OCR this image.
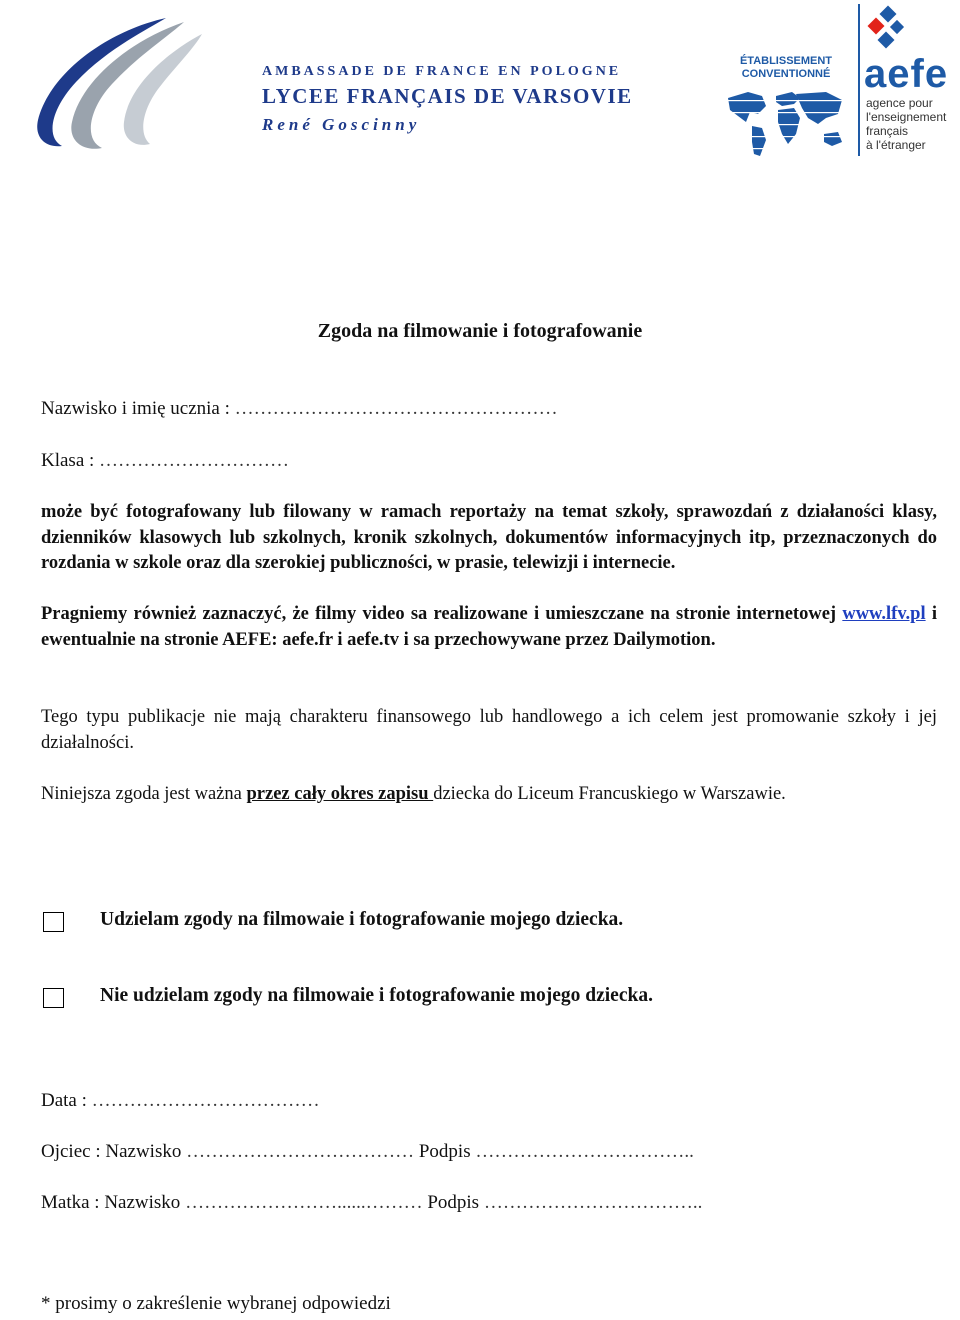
AMBASSADE DE FRANCE EN POLOGNE
LYCEE FRANÇAIS DE VARSOVIE
René Goscinny
ÉTABLISSEMENT CONVENTIONNÉ aefe
agence pour
l'enseignement
français
à l'étranger
Zgoda na filmowanie i fotografowanie
Nazwisko i imię ucznia : ……………………………………………
Klasa : …………………………
może być fotografowany lub filowany w ramach reportaży na temat szkoły, sprawozdań z działaności klasy, dzienników klasowych lub szkolnych, kronik szkolnych, dokumentów informacyjnych itp, przeznaczonych do rozdania w szkole oraz dla szerokiej publiczności, w prasie, telewizji i internecie.
Pragniemy również zaznaczyć, że filmy video sa realizowane i umieszczane na stronie internetowej www.lfv.pl i ewentualnie na stronie AEFE: aefe.fr i aefe.tv i sa przechowywane przez Dailymotion.
Tego typu publikacje nie mają charakteru finansowego lub handlowego a ich celem jest promowanie szkoły i jej działalności.
Niniejsza zgoda jest ważna przez cały okres zapisu dziecka do Liceum Francuskiego w Warszawie.
Udzielam zgody na filmowaie i fotografowanie mojego dziecka.
Nie udzielam zgody na filmowaie i fotografowanie mojego dziecka.
Data : ………………………………
Ojciec : Nazwisko ……………………………… Podpis ……………………………..
Matka : Nazwisko ……………………......……… Podpis ……………………………..
* prosimy o zakreślenie wybranej odpowiedzi
